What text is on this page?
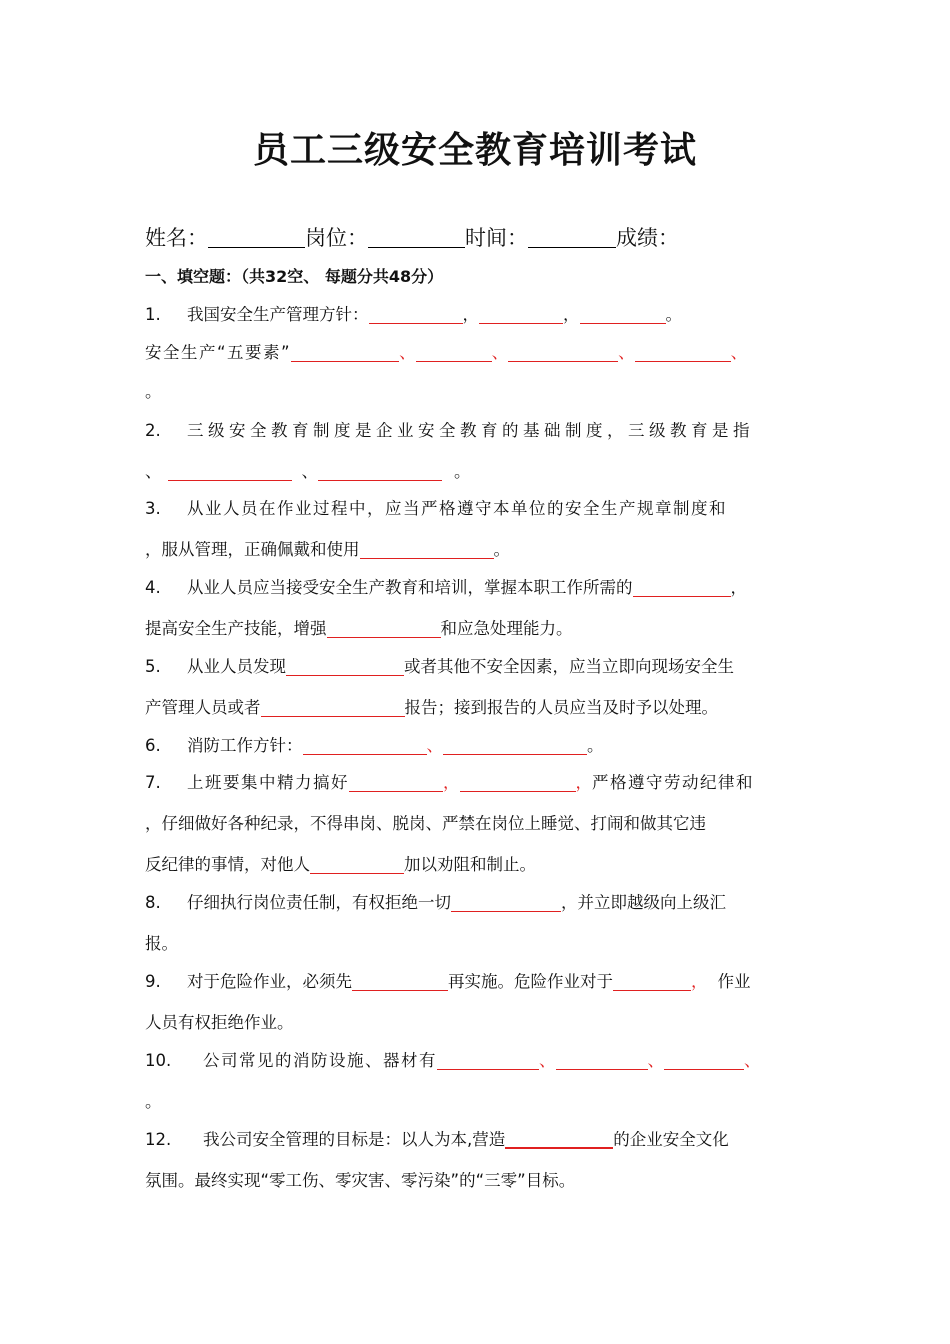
员工三级安全教育培训考试
姓名：	岗位：	时间：	成绩：
一、填空题：（共32空、 每题分共48分）
1. 我国安全生产管理方针：	，	，	。
安全生产“五要素”	、	、	、	、
。
2. 三级安全教育制度是企业安全教育的基础制度，三级教育是指
、	、	。
3. 从业人员在作业过程中，应当严格遵守本单位的安全生产规章制度和
，服从管理，正确佩戴和使用	。
4. 从业人员应当接受安全生产教育和培训，掌握本职工作所需的	，
提高安全生产技能，增强	和应急处理能力。
5. 从业人员发现	或者其他不安全因素，应当立即向现场安全生
产管理人员或者	报告；接到报告的人员应当及时予以处理。
6. 消防工作方针：	、	。
7. 上班要集中精力搞好	，	，严格遵守劳动纪律和
，仔细做好各种纪录，不得串岗、脱岗、严禁在岗位上睡觉、打闹和做其它违
反纪律的事情，对他人	加以劝阻和制止。
8. 仔细执行岗位责任制，有权拒绝一切	，并立即越级向上级汇
报。
9. 对于危险作业，必须先	再实施。危险作业对于	， 作业
人员有权拒绝作业。
10. 公司常见的消防设施、器材有	、	、	、
。
12. 我公司安全管理的目标是：以人为本,营造	的企业安全文化
氛围。最终实现“零工伤、零灾害、零污染”的“三零”目标。
